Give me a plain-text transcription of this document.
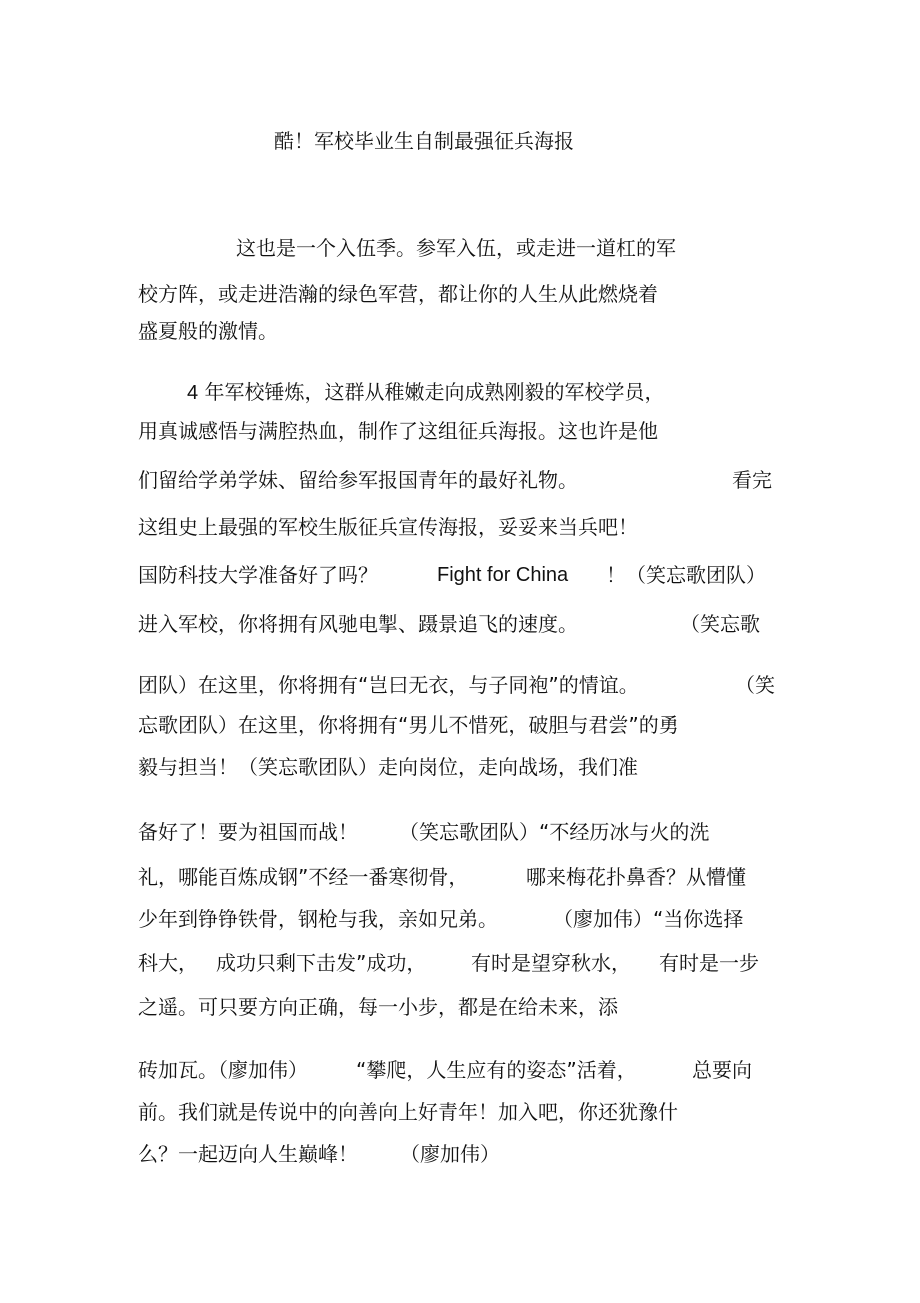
酷！军校毕业生自制最强征兵海报
这也是一个入伍季。参军入伍，或走进一道杠的军
校方阵，或走进浩瀚的绿色军营，都让你的人生从此燃烧着
盛夏般的激情。
4 年军校锤炼，这群从稚嫩走向成熟刚毅的军校学员，
用真诚感悟与满腔热血，制作了这组征兵海报。这也许是他
们留给学弟学妹、留给参军报国青年的最好礼物。	看完
这组史上最强的军校生版征兵宣传海报，妥妥来当兵吧！
国防科技大学准备好了吗？	Fight for China ！（笑忘歌团队）
进入军校，你将拥有风驰电掣、蹑景追飞的速度。	（笑忘歌
团队）在这里，你将拥有“岂曰无衣，与子同袍”的情谊。	（笑
忘歌团队）在这里，你将拥有“男儿不惜死，破胆与君尝”的勇
毅与担当！（笑忘歌团队）走向岗位，走向战场，我们准
备好了！要为祖国而战！ （笑忘歌团队）“不经历冰与火的洗
礼，哪能百炼成钢”不经一番寒彻骨，	哪来梅花扑鼻香？从懵懂
少年到铮铮铁骨，钢枪与我，亲如兄弟。	（廖加伟）“当你选择
科大， 成功只剩下击发”成功， 有时是望穿秋水， 有时是一步
之遥。可只要方向正确，每一小步，都是在给未来，添
砖加瓦。（廖加伟） “攀爬，人生应有的姿态”活着，	总要向
前。我们就是传说中的向善向上好青年！加入吧，你还犹豫什
么？一起迈向人生巅峰！ （廖加伟）
